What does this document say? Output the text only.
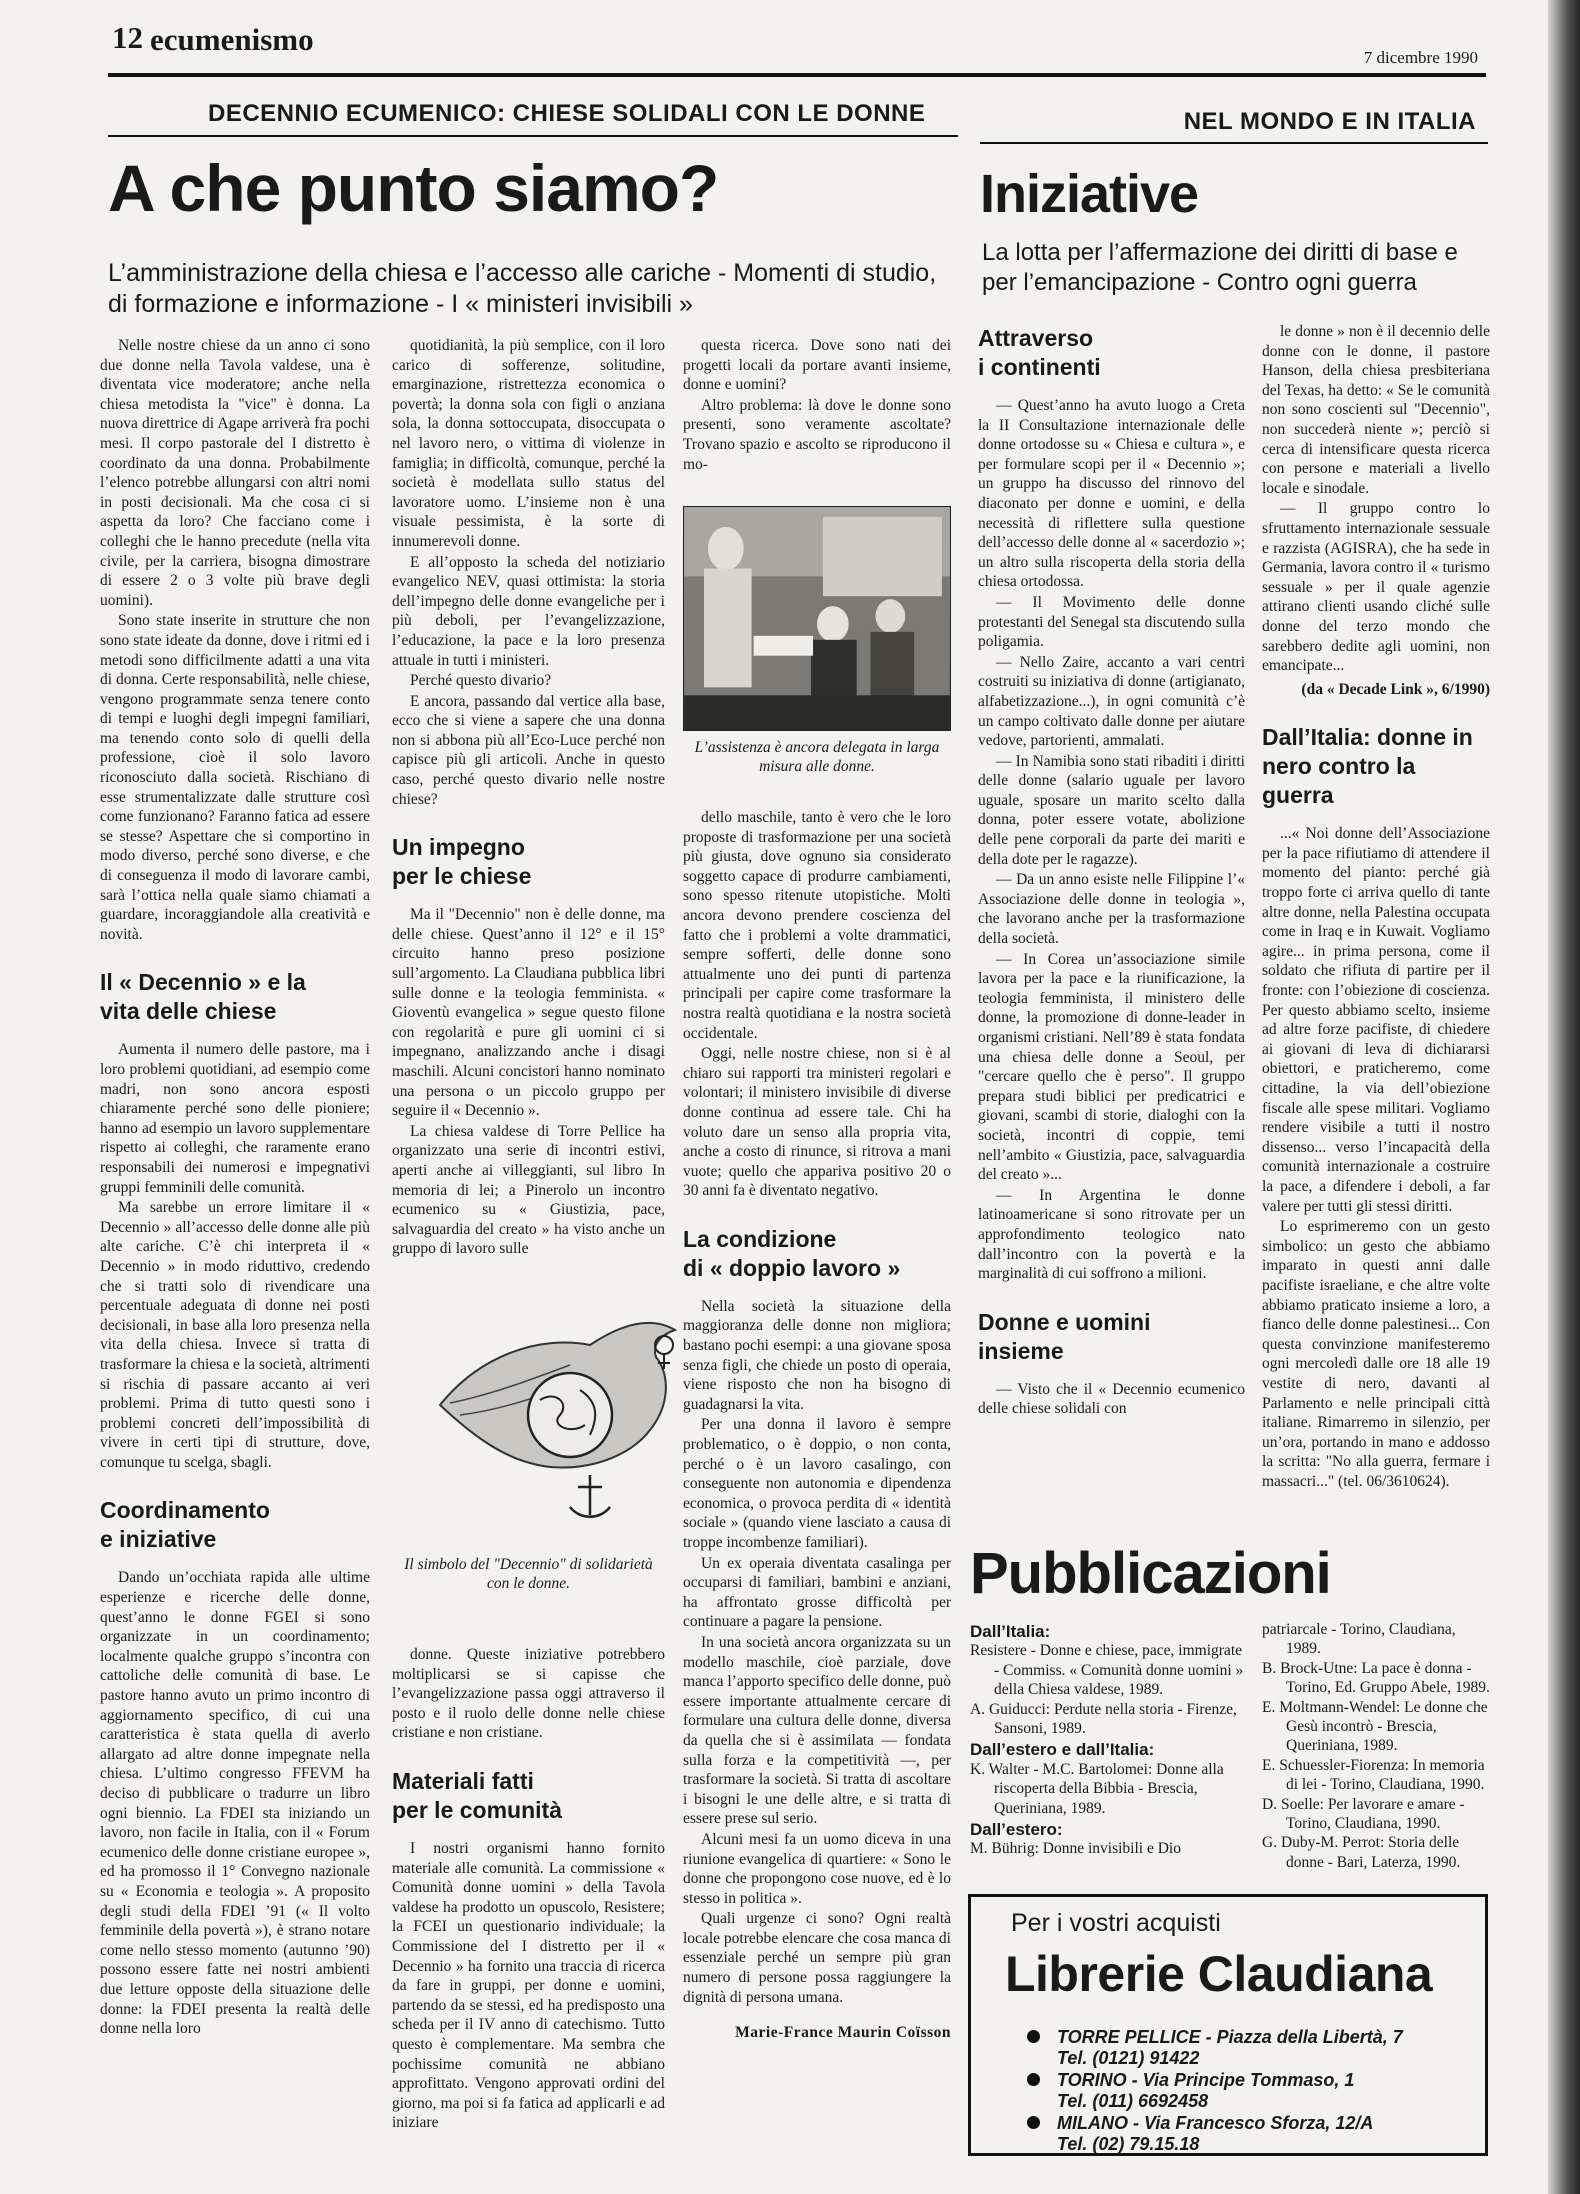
12 ecumenismo
7 dicembre 1990
DECENNIO ECUMENICO: CHIESE SOLIDALI CON LE DONNE	NEL MONDO E IN ITALIA
A che punto siamo?
L’amministrazione della chiesa e l’accesso alle cariche - Momenti di studio, di formazione e informazione - I « ministeri invisibili »

Nelle nostre chiese da un anno ci sono due donne nella Tavola valdese, una è diventata vice moderatore; anche nella chiesa metodista la "vice" è donna. La nuova direttrice di Agape arriverà fra pochi mesi. Il corpo pastorale del I distretto è coordinato da una donna. Probabilmente l’elenco potrebbe allungarsi con altri nomi in posti decisionali. Ma che cosa ci si aspetta da loro? Che facciano come i colleghi che le hanno precedute (nella vita civile, per la carriera, bisogna dimostrare di essere 2 o 3 volte più brave degli uomini).

Sono state inserite in strutture che non sono state ideate da donne, dove i ritmi ed i metodi sono difficilmente adatti a una vita di donna. Certe responsabilità, nelle chiese, vengono programmate senza tenere conto di tempi e luoghi degli impegni familiari, ma tenendo conto solo di quelli della professione, cioè il solo lavoro riconosciuto dalla società. Rischiano di esse strumentalizzate dalle strutture così come funzionano? Faranno fatica ad essere se stesse? Aspettare che si comportino in modo diverso, perché sono diverse, e che di conseguenza il modo di lavorare cambi, sarà l’ottica nella quale siamo chiamati a guardare, incoraggiandole alla creatività e novità.

Il « Decennio » e la
vita delle chiese

Aumenta il numero delle pastore, ma i loro problemi quotidiani, ad esempio come madri, non sono ancora esposti chiaramente perché sono delle pioniere; hanno ad esempio un lavoro supplementare rispetto ai colleghi, che raramente erano responsabili dei numerosi e impegnativi gruppi femminili delle comunità.

Ma sarebbe un errore limitare il « Decennio » all’accesso delle donne alle più alte cariche. C’è chi interpreta il « Decennio » in modo riduttivo, credendo che si tratti solo di rivendicare una percentuale adeguata di donne nei posti decisionali, in base alla loro presenza nella vita della chiesa. Invece si tratta di trasformare la chiesa e la società, altrimenti si rischia di passare accanto ai veri problemi. Prima di tutto questi sono i problemi concreti dell’impossibilità di vivere in certi tipi di strutture, dove, comunque tu scelga, sbagli.

Coordinamento
e iniziative

Dando un’occhiata rapida alle ultime esperienze e ricerche delle donne, quest’anno le donne FGEI si sono organizzate in un coordinamento; localmente qualche gruppo s’incontra con cattoliche delle comunità di base. Le pastore hanno avuto un primo incontro di aggiornamento specifico, di cui una caratteristica è stata quella di averlo allargato ad altre donne impegnate nella chiesa. L’ultimo congresso FFEVM ha deciso di pubblicare o tradurre un libro ogni biennio. La FDEI sta iniziando un lavoro, non facile in Italia, con il « Forum ecumenico delle donne cristiane europee », ed ha promosso il 1° Convegno nazionale su « Economia e teologia ». A proposito degli studi della FDEI ’91 (« Il volto femminile della povertà »), è strano notare come nello stesso momento (autunno ’90) possono essere fatte nei nostri ambienti due letture opposte della situazione delle donne: la FDEI presenta la realtà delle donne nella loro

quotidianità, la più semplice, con il loro carico di sofferenze, solitudine, emarginazione, ristrettezza economica o povertà; la donna sola con figli o anziana sola, la donna sottoccupata, disoccupata o nel lavoro nero, o vittima di violenze in famiglia; in difficoltà, comunque, perché la società è modellata sullo status del lavoratore uomo. L’insieme non è una visuale pessimista, è la sorte di innumerevoli donne.

E all’opposto la scheda del notiziario evangelico NEV, quasi ottimista: la storia dell’impegno delle donne evangeliche per i più deboli, per l’evangelizzazione, l’educazione, la pace e la loro presenza attuale in tutti i ministeri.

Perché questo divario?

E ancora, passando dal vertice alla base, ecco che si viene a sapere che una donna non si abbona più all’Eco-Luce perché non capisce più gli articoli. Anche in questo caso, perché questo divario nelle nostre chiese?

Un impegno
per le chiese

Ma il "Decennio" non è delle donne, ma delle chiese. Quest’anno il 12° e il 15° circuito hanno preso posizione sull’argomento. La Claudiana pubblica libri sulle donne e la teologia femminista. « Gioventù evangelica » segue questo filone con regolarità e pure gli uomini ci si impegnano, analizzando anche i disagi maschili. Alcuni concistori hanno nominato una persona o un piccolo gruppo per seguire il « Decennio ».

La chiesa valdese di Torre Pellice ha organizzato una serie di incontri estivi, aperti anche ai villeggianti, sul libro In memoria di lei; a Pinerolo un incontro ecumenico su « Giustizia, pace, salvaguardia del creato » ha visto anche un gruppo di lavoro sulle

Il simbolo del "Decennio" di solidarietà con le donne.

donne. Queste iniziative potrebbero moltiplicarsi se si capisse che l’evangelizzazione passa oggi attraverso il posto e il ruolo delle donne nelle chiese cristiane e non cristiane.

Materiali fatti
per le comunità

I nostri organismi hanno fornito materiale alle comunità. La commissione « Comunità donne uomini » della Tavola valdese ha prodotto un opuscolo, Resistere; la FCEI un questionario individuale; la Commissione del I distretto per il « Decennio » ha fornito una traccia di ricerca da fare in gruppi, per donne e uomini, partendo da se stessi, ed ha predisposto una scheda per il IV anno di catechismo. Tutto questo è complementare. Ma sembra che pochissime comunità ne abbiano approfittato. Vengono approvati ordini del giorno, ma poi si fa fatica ad applicarli e ad iniziare

questa ricerca. Dove sono nati dei progetti locali da portare avanti insieme, donne e uomini?

Altro problema: là dove le donne sono presenti, sono veramente ascoltate? Trovano spazio e ascolto se riproducono il mo-

L’assistenza è ancora delegata in larga misura alle donne.

dello maschile, tanto è vero che le loro proposte di trasformazione per una società più giusta, dove ognuno sia considerato soggetto capace di produrre cambiamenti, sono spesso ritenute utopistiche. Molti ancora devono prendere coscienza del fatto che i problemi a volte drammatici, sempre sofferti, delle donne sono attualmente uno dei punti di partenza principali per capire come trasformare la nostra realtà quotidiana e la nostra società occidentale.

Oggi, nelle nostre chiese, non si è al chiaro sui rapporti tra ministeri regolari e volontari; il ministero invisibile di diverse donne continua ad essere tale. Chi ha voluto dare un senso alla propria vita, anche a costo di rinunce, si ritrova a mani vuote; quello che appariva positivo 20 o 30 anni fa è diventato negativo.

La condizione
di « doppio lavoro »

Nella società la situazione della maggioranza delle donne non migliora; bastano pochi esempi: a una giovane sposa senza figli, che chiede un posto di operaia, viene risposto che non ha bisogno di guadagnarsi la vita.

Per una donna il lavoro è sempre problematico, o è doppio, o non conta, perché o è un lavoro casalingo, con conseguente non autonomia e dipendenza economica, o provoca perdita di « identità sociale » (quando viene lasciato a causa di troppe incombenze familiari).

Un ex operaia diventata casalinga per occuparsi di familiari, bambini e anziani, ha affrontato grosse difficoltà per continuare a pagare la pensione.

In una società ancora organizzata su un modello maschile, cioè parziale, dove manca l’apporto specifico delle donne, può essere importante attualmente cercare di formulare una cultura delle donne, diversa da quella che si è assimilata — fondata sulla forza e la competitività —, per trasformare la società. Si tratta di ascoltare i bisogni le une delle altre, e si tratta di essere prese sul serio.

Alcuni mesi fa un uomo diceva in una riunione evangelica di quartiere: « Sono le donne che propongono cose nuove, ed è lo stesso in politica ».

Quali urgenze ci sono? Ogni realtà locale potrebbe elencare che cosa manca di essenziale perché un sempre più gran numero di persone possa raggiungere la dignità di persona umana.

Marie-France Maurin Coïsson

Iniziative
La lotta per l’affermazione dei diritti di base e per l’emancipazione - Contro ogni guerra
Attraverso
i continenti

— Quest’anno ha avuto luogo a Creta la II Consultazione internazionale delle donne ortodosse su « Chiesa e cultura », e per formulare scopi per il « Decennio »; un gruppo ha discusso del rinnovo del diaconato per donne e uomini, e della necessità di riflettere sulla questione dell’accesso delle donne al « sacerdozio »; un altro sulla riscoperta della storia della chiesa ortodossa.

— Il Movimento delle donne protestanti del Senegal sta discutendo sulla poligamia.

— Nello Zaire, accanto a vari centri costruiti su iniziativa di donne (artigianato, alfabetizzazione...), in ogni comunità c’è un campo coltivato dalle donne per aiutare vedove, partorienti, ammalati.

— In Namibia sono stati ribaditi i diritti delle donne (salario uguale per lavoro uguale, sposare un marito scelto dalla donna, poter essere votate, abolizione delle pene corporali da parte dei mariti e della dote per le ragazze).

— Da un anno esiste nelle Filippine l’« Associazione delle donne in teologia », che lavorano anche per la trasformazione della società.

— In Corea un’associazione simile lavora per la pace e la riunificazione, la teologia femminista, il ministero delle donne, la promozione di donne-leader in organismi cristiani. Nell’89 è stata fondata una chiesa delle donne a Seoul, per "cercare quello che è perso". Il gruppo prepara studi biblici per predicatrici e giovani, scambi di storie, dialoghi con la società, incontri di coppie, temi nell’ambito « Giustizia, pace, salvaguardia del creato »...

— In Argentina le donne latinoamericane si sono ritrovate per un approfondimento teologico nato dall’incontro con la povertà e la marginalità di cui soffrono a milioni.

Donne e uomini
insieme

— Visto che il « Decennio ecumenico delle chiese solidali con

le donne » non è il decennio delle donne con le donne, il pastore Hanson, della chiesa presbiteriana del Texas, ha detto: « Se le comunità non sono coscienti sul "Decennio", non succederà niente »; perciò si cerca di intensificare questa ricerca con persone e materiali a livello locale e sinodale.

— Il gruppo contro lo sfruttamento internazionale sessuale e razzista (AGISRA), che ha sede in Germania, lavora contro il « turismo sessuale » per il quale agenzie attirano clienti usando cliché sulle donne del terzo mondo che sarebbero dedite agli uomini, non emancipate...

(da « Decade Link », 6/1990)

Dall’Italia: donne in
nero contro la guerra

...« Noi donne dell’Associazione per la pace rifiutiamo di attendere il momento del pianto: perché già troppo forte ci arriva quello di tante altre donne, nella Palestina occupata come in Iraq e in Kuwait. Vogliamo agire... in prima persona, come il soldato che rifiuta di partire per il fronte: con l’obiezione di coscienza. Per questo abbiamo scelto, insieme ad altre forze pacifiste, di chiedere ai giovani di leva di dichiararsi obiettori, e praticheremo, come cittadine, la via dell’obiezione fiscale alle spese militari. Vogliamo rendere visibile a tutti il nostro dissenso... verso l’incapacità della comunità internazionale a costruire la pace, a difendere i deboli, a far valere per tutti gli stessi diritti.

Lo esprimeremo con un gesto simbolico: un gesto che abbiamo imparato in questi anni dalle pacifiste israeliane, e che altre volte abbiamo praticato insieme a loro, a fianco delle donne palestinesi... Con questa convinzione manifesteremo ogni mercoledì dalle ore 18 alle 19 vestite di nero, davanti al Parlamento e nelle principali città italiane. Rimarremo in silenzio, per un’ora, portando in mano e addosso la scritta: "No alla guerra, fermare i massacri..." (tel. 06/3610624).

Pubblicazioni
Dall’Italia:
Resistere - Donne e chiese, pace, immigrate - Commiss. « Comunità donne uomini » della Chiesa valdese, 1989.
A. Guiducci: Perdute nella storia - Firenze, Sansoni, 1989.
Dall’estero e dall’Italia:
K. Walter - M.C. Bartolomei: Donne alla riscoperta della Bibbia - Brescia, Queriniana, 1989.
Dall’estero:
M. Bührig: Donne invisibili e Dio
patriarcale - Torino, Claudiana, 1989.
B. Brock-Utne: La pace è donna - Torino, Ed. Gruppo Abele, 1989.
E. Moltmann-Wendel: Le donne che Gesù incontrò - Brescia, Queriniana, 1989.
E. Schuessler-Fiorenza: In memoria di lei - Torino, Claudiana, 1990.
D. Soelle: Per lavorare e amare - Torino, Claudiana, 1990.
G. Duby-M. Perrot: Storia delle donne - Bari, Laterza, 1990.
Per i vostri acquisti
Librerie Claudiana
TORRE PELLICE - Piazza della Libertà, 7
Tel. (0121) 91422
TORINO - Via Principe Tommaso, 1
Tel. (011) 6692458
MILANO - Via Francesco Sforza, 12/A
Tel. (02) 79.15.18
